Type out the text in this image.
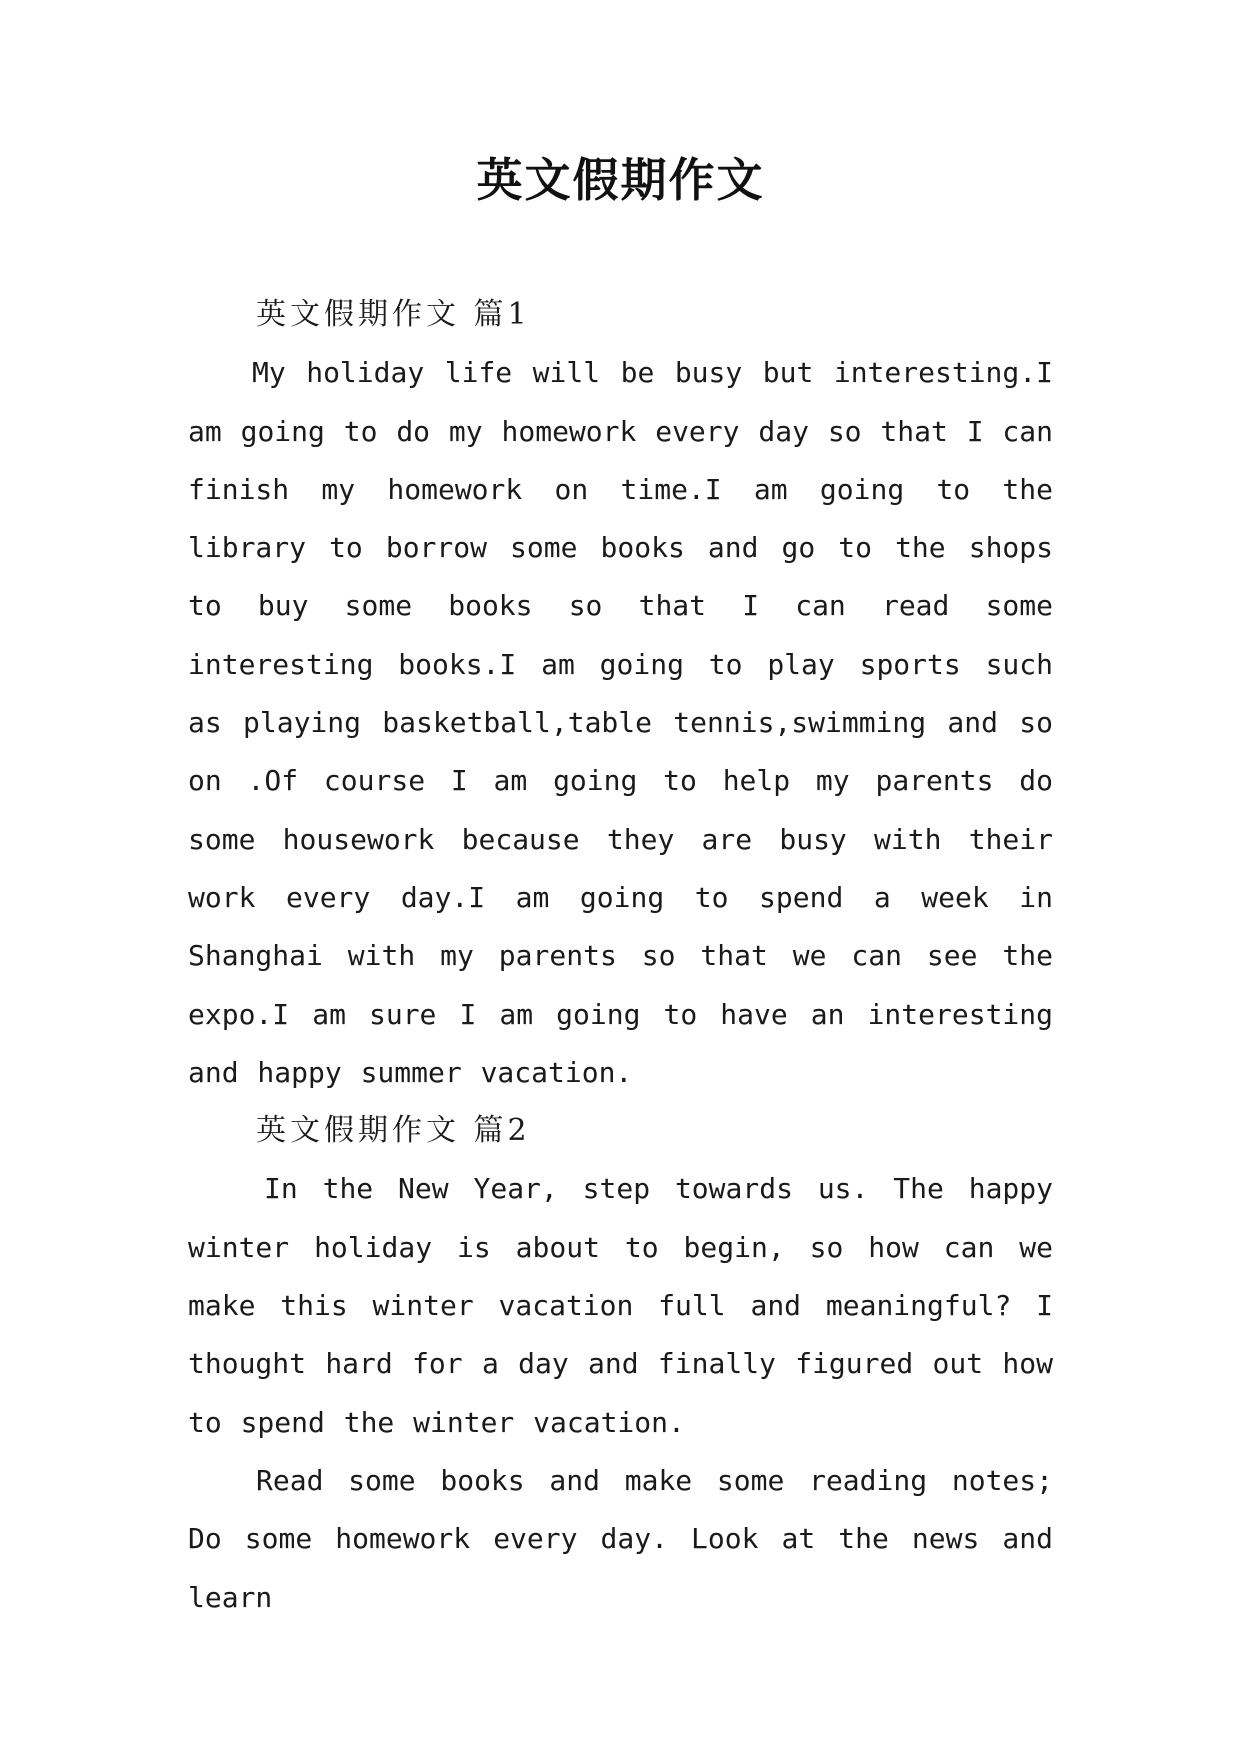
英文假期作文
英文假期作文 篇1

My holiday life will be busy but interesting.I am going to do my homework every day so that I can finish my homework on time.I am going to the library to borrow some books and go to the shops to buy some books so that I can read some interesting books.I am going to play sports such as playing basketball,table tennis,swimming and so on .Of course I am going to help my parents do some housework because they are busy with their work every day.I am going to spend a week in Shanghai with my parents so that we can see the expo.I am sure I am going to have an interesting and happy summer vacation.

英文假期作文 篇2

In the New Year, step towards us. The happy winter holiday is about to begin, so how can we make this winter vacation full and meaningful? I thought hard for a day and finally figured out how to spend the winter vacation.

Read some books and make some reading notes; Do some homework every day. Look at the news and learn
